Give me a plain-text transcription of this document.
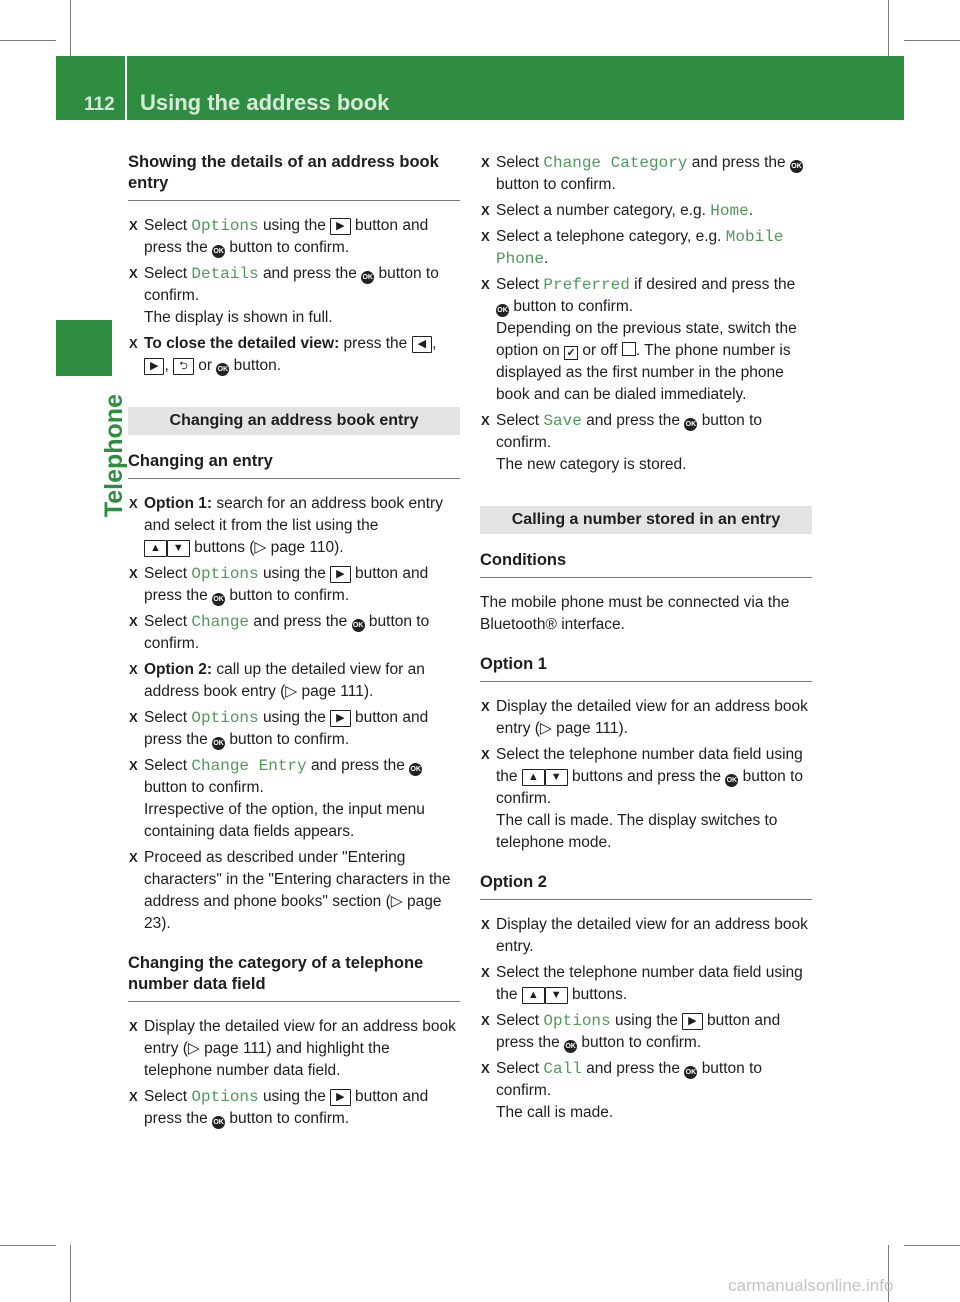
112 Using the address book
Telephone
Showing the details of an address book entry
X Select Options using the ▶ button and press the OK button to confirm.
X Select Details and press the OK button to confirm.
The display is shown in full.
X To close the detailed view: press the ◀ , ▶ , ⮌ or OK button.
Changing an address book entry
Changing an entry
X Option 1: search for an address book entry and select it from the list using the
▲ ▼ buttons (▷ page 110).
X Select Options using the ▶ button and press the OK button to confirm.
X Select Change and press the OK button to confirm.
X Option 2: call up the detailed view for an address book entry (▷ page 111).
X Select Options using the ▶ button and press the OK button to confirm.
X Select Change Entry and press the OK button to confirm.
Irrespective of the option, the input menu containing data fields appears.
X Proceed as described under "Entering characters" in the "Entering characters in the address and phone books" section (▷ page 23).
Changing the category of a telephone number data field
X Display the detailed view for an address book entry (▷ page 111) and highlight the telephone number data field.
X Select Options using the ▶ button and press the OK button to confirm.
X Select Change Category and press the OK button to confirm.
X Select a number category, e.g. Home.
X Select a telephone category, e.g. Mobile Phone.
X Select Preferred if desired and press the OK button to confirm.
Depending on the previous state, switch the option on ✓ or off . The phone number is displayed as the first number in the phone book and can be dialed immediately.
X Select Save and press the OK button to confirm.
The new category is stored.
Calling a number stored in an entry
Conditions
The mobile phone must be connected via the Bluetooth® interface.
Option 1
X Display the detailed view for an address book entry (▷ page 111).
X Select the telephone number data field using the ▲ ▼ buttons and press the OK button to confirm.
The call is made. The display switches to telephone mode.
Option 2
X Display the detailed view for an address book entry.
X Select the telephone number data field using the ▲ ▼ buttons.
X Select Options using the ▶ button and press the OK button to confirm.
X Select Call and press the OK button to confirm.
The call is made.
carmanualsonline.info
